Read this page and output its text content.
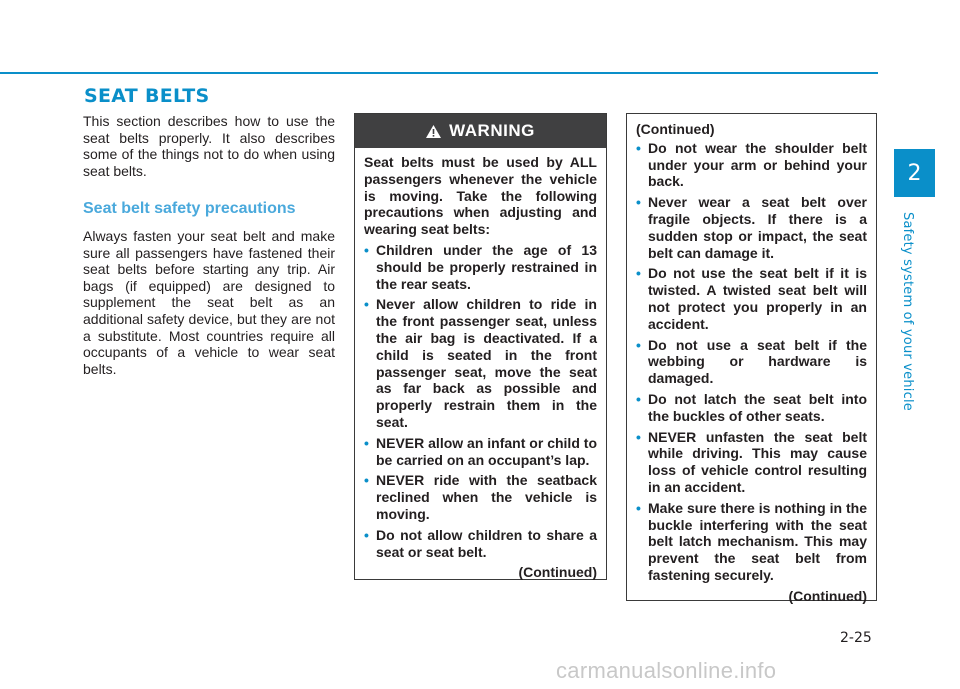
SEAT BELTS

This section describes how to use the seat belts properly. It also describes some of the things not to do when using seat belts.

Seat belt safety precautions

Always fasten your seat belt and make sure all passengers have fastened their seat belts before starting any trip. Air bags (if equipped) are designed to supplement the seat belt as an additional safety device, but they are not a substitute. Most countries require all occupants of a vehicle to wear seat belts.

WARNING

Seat belts must be used by ALL passengers whenever the vehicle is moving. Take the following precautions when adjusting and wearing seat belts:

• Children under the age of 13 should be properly restrained in the rear seats.
• Never allow children to ride in the front passenger seat, unless the air bag is deactivated. If a child is seated in the front passenger seat, move the seat as far back as possible and properly restrain them in the seat.
• NEVER allow an infant or child to be carried on an occupant’s lap.
• NEVER ride with the seatback reclined when the vehicle is moving.
• Do not allow children to share a seat or seat belt.

(Continued)

(Continued)

• Do not wear the shoulder belt under your arm or behind your back.
• Never wear a seat belt over fragile objects. If there is a sudden stop or impact, the seat belt can damage it.
• Do not use the seat belt if it is twisted. A twisted seat belt will not protect you properly in an accident.
• Do not use a seat belt if the webbing or hardware is damaged.
• Do not latch the seat belt into the buckles of other seats.
• NEVER unfasten the seat belt while driving. This may cause loss of vehicle control resulting in an accident.
• Make sure there is nothing in the buckle interfering with the seat belt latch mechanism. This may prevent the seat belt from fastening securely.

(Continued)

2
Safety system of your vehicle
2-25
carmanualsonline.info
